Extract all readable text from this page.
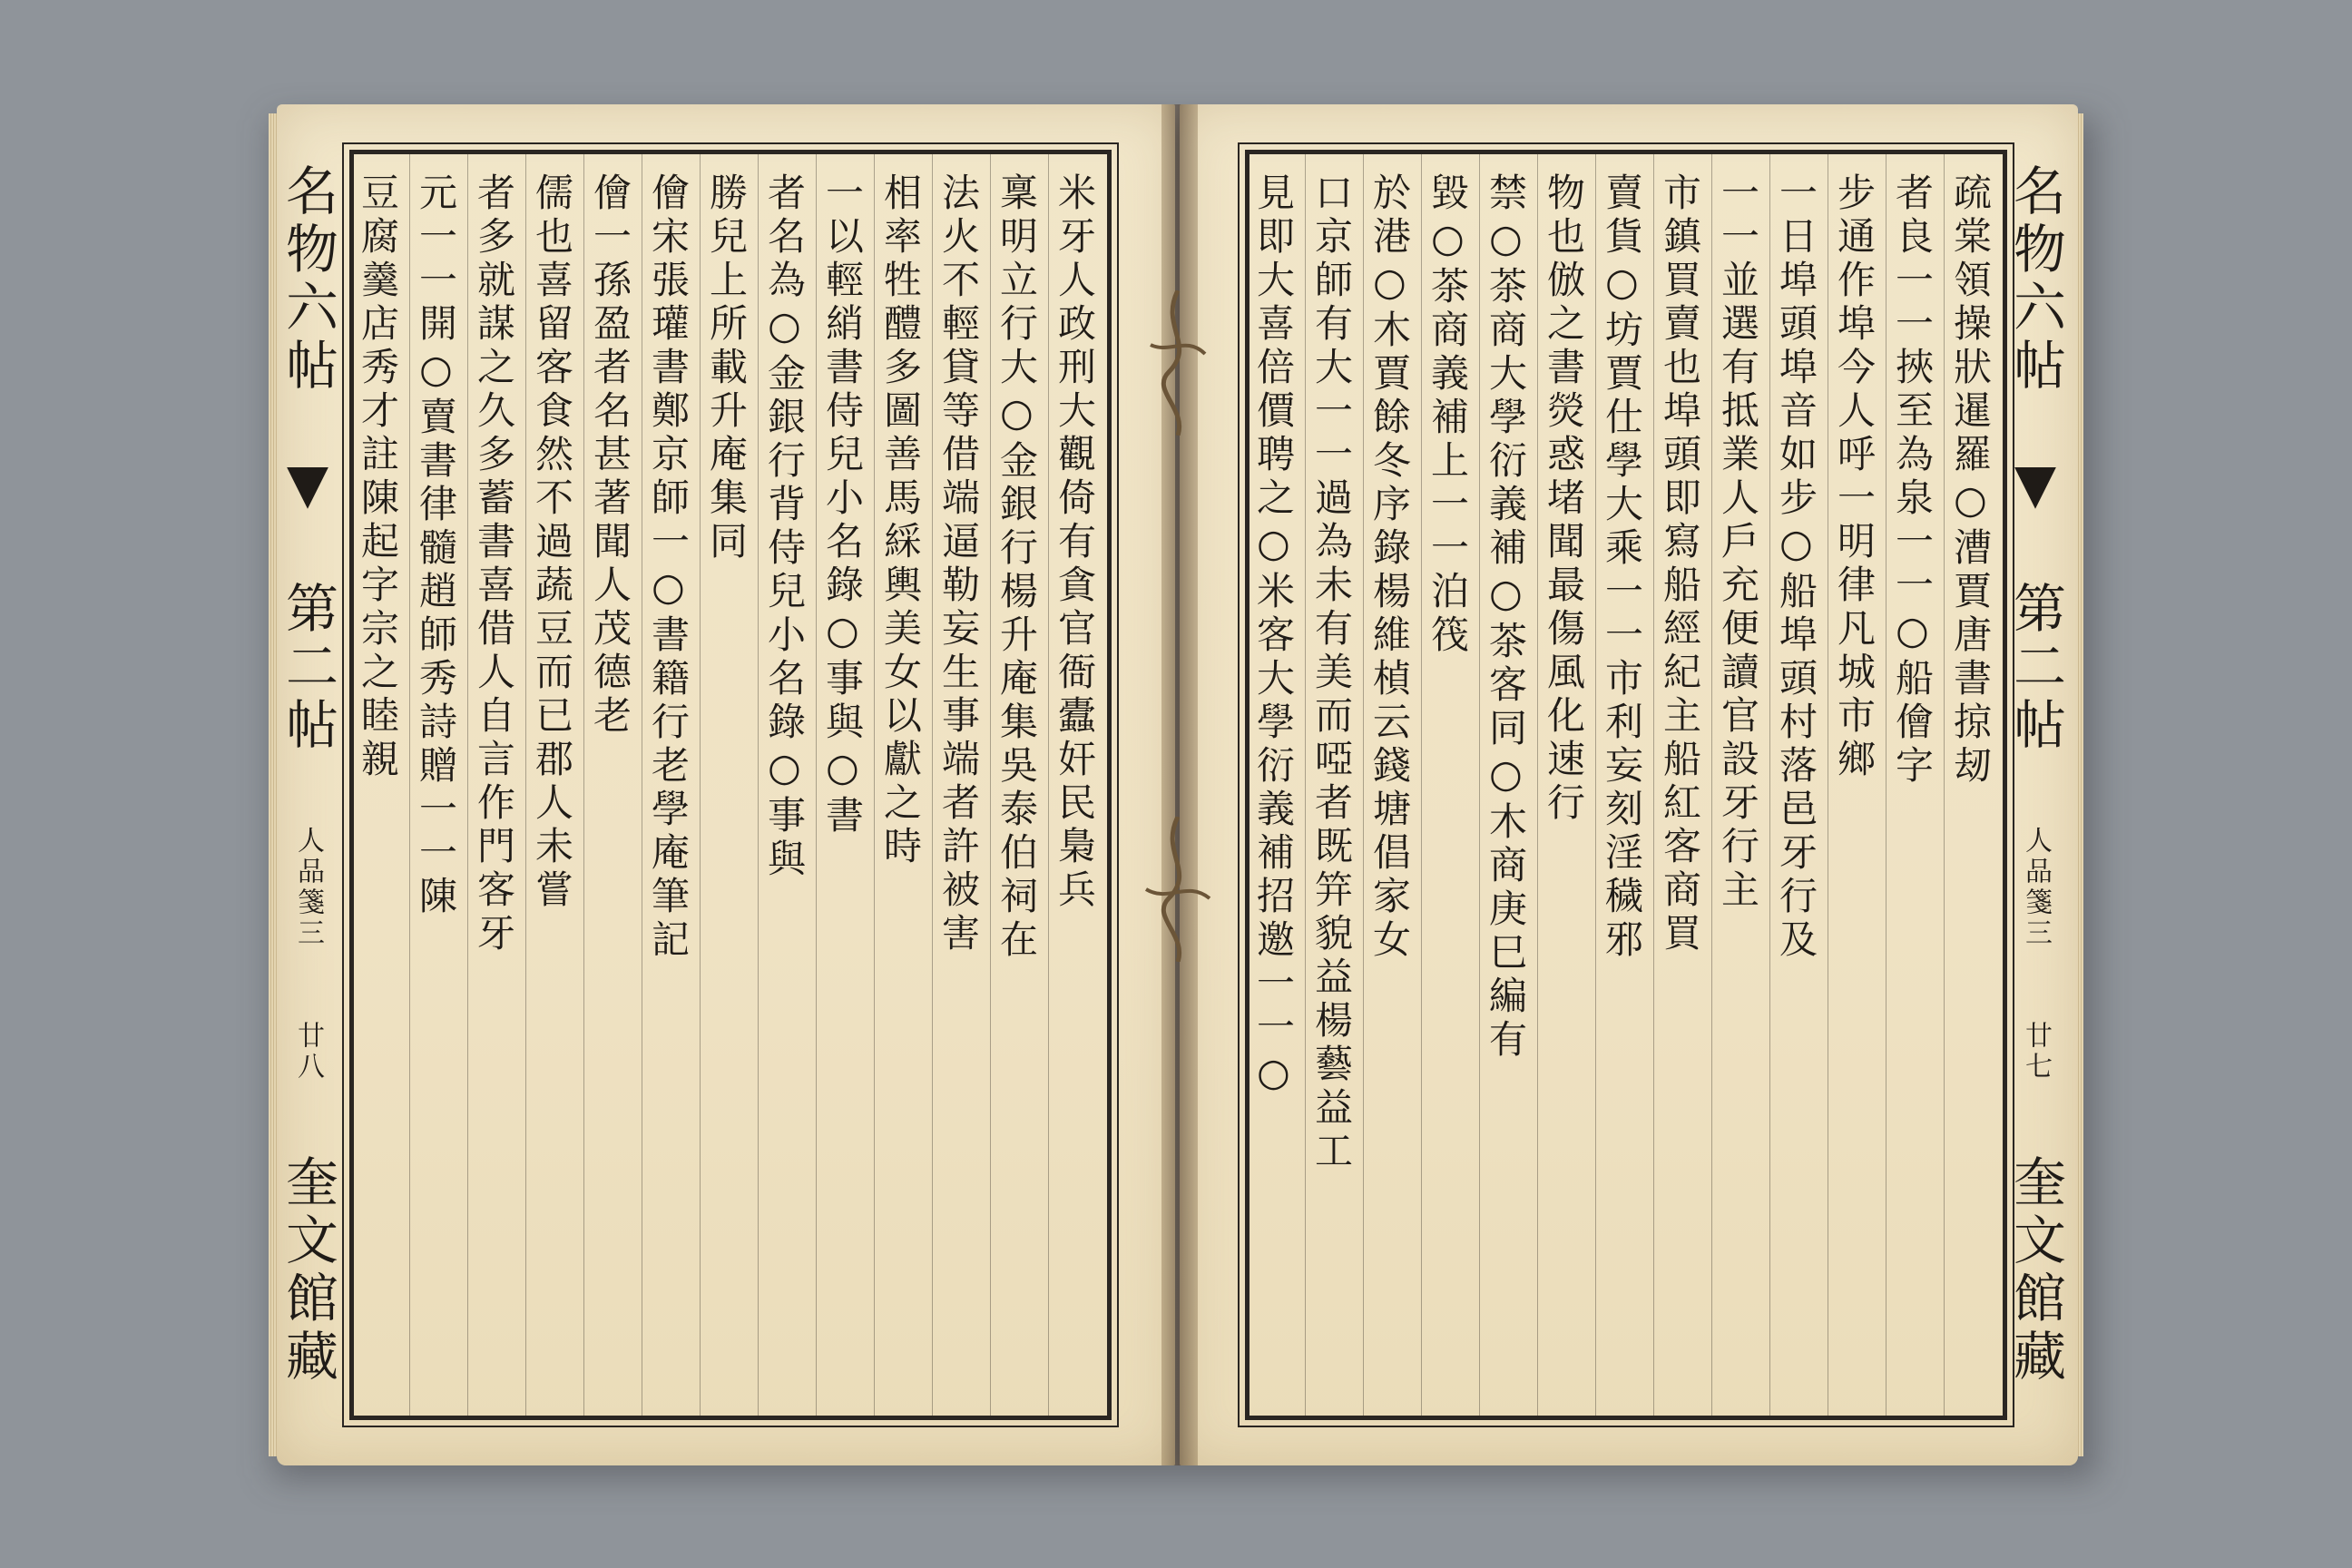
米牙人政刑大觀倚有貪官衙蠹奸民梟兵
稟明立行大○金銀行楊升庵集吳泰伯祠在
法火不輕貸等借端逼勒妄生事端者許被害
相率牲醴多圖善馬綵輿美女以獻之時
一以輕綃書侍兒小名錄○事與○書
者名為○金銀行背侍兒小名錄○事與
勝兒上所載升庵集同
儈宋張瓘書鄭京師一○書籍行老學庵筆記
儈一孫盈者名甚著聞人茂德老
儒也喜留客食然不過蔬豆而已郡人未嘗
者多就謀之久多蓄書喜借人自言作門客牙
元一一開○賣書律髓趙師秀詩贈一一陳
豆腐羹店秀才註陳起字宗之睦親
名物六帖
第二帖
人品箋三
廿八
奎文館藏
疏棠領操狀暹羅○漕賈唐書掠刼
者良一一挾至為泉一一○船儈字
步通作埠今人呼一明律凡城市鄉
一日埠頭埠音如步○船埠頭村落邑牙行及
一一並選有抵業人戶充便讀官設牙行主
市鎮買賣也埠頭即寫船經紀主船紅客商買
賣貨○坊賈仕學大乘一一市利妄刻淫穢邪
物也倣之書熒惑堵聞最傷風化速行
禁○茶商大學衍義補○茶客同○木商庚巳編有
毀○茶商義補上一一泊筏
於港○木賈餘冬序錄楊維楨云錢塘倡家女
口京師有大一一過為未有美而啞者既笄貌益楊藝益工
見即大喜倍價聘之○米客大學衍義補招邀一一○	名物六帖
第二帖
人品箋三
廿七
奎文館藏
